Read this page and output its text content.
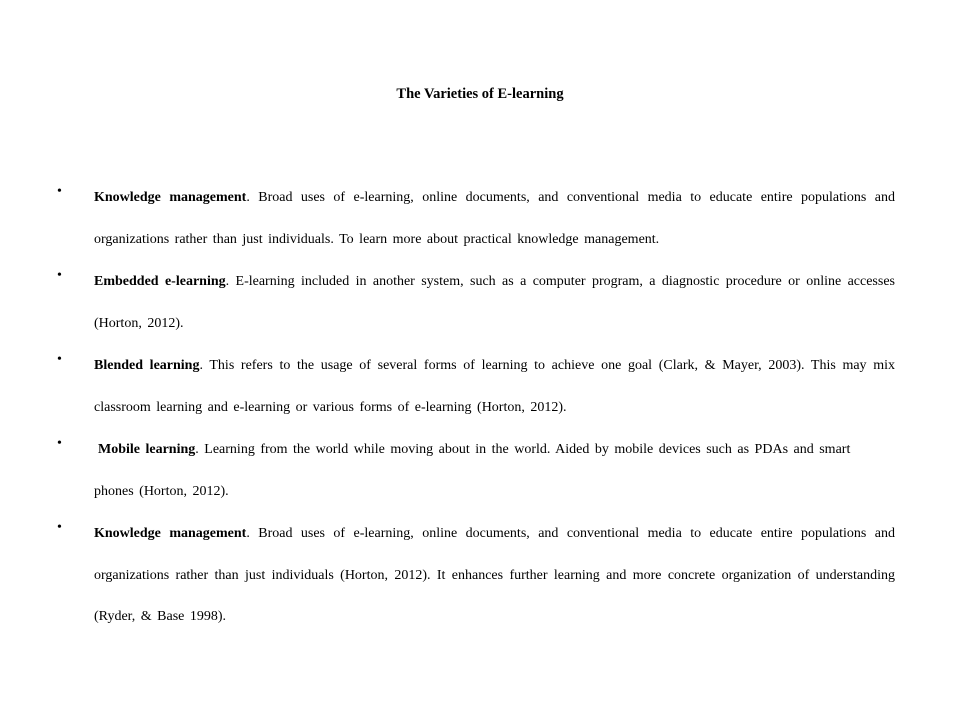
The Varieties of E-learning
• Knowledge management. Broad uses of e-learning, online documents, and conventional media to educate entire populations and organizations rather than just individuals. To learn more about practical knowledge management.
• Embedded e-learning. E-learning included in another system, such as a computer program, a diagnostic procedure or online accesses (Horton, 2012).
• Blended learning. This refers to the usage of several forms of learning to achieve one goal (Clark, & Mayer, 2003). This may mix classroom learning and e-learning or various forms of e-learning (Horton, 2012).
•	Mobile learning. Learning from the world while moving about in the world. Aided by mobile devices such as PDAs and smart phones (Horton, 2012).
• Knowledge management. Broad uses of e-learning, online documents, and conventional media to educate entire populations and organizations rather than just individuals (Horton, 2012). It enhances further learning and more concrete organization of understanding (Ryder, & Base 1998).
